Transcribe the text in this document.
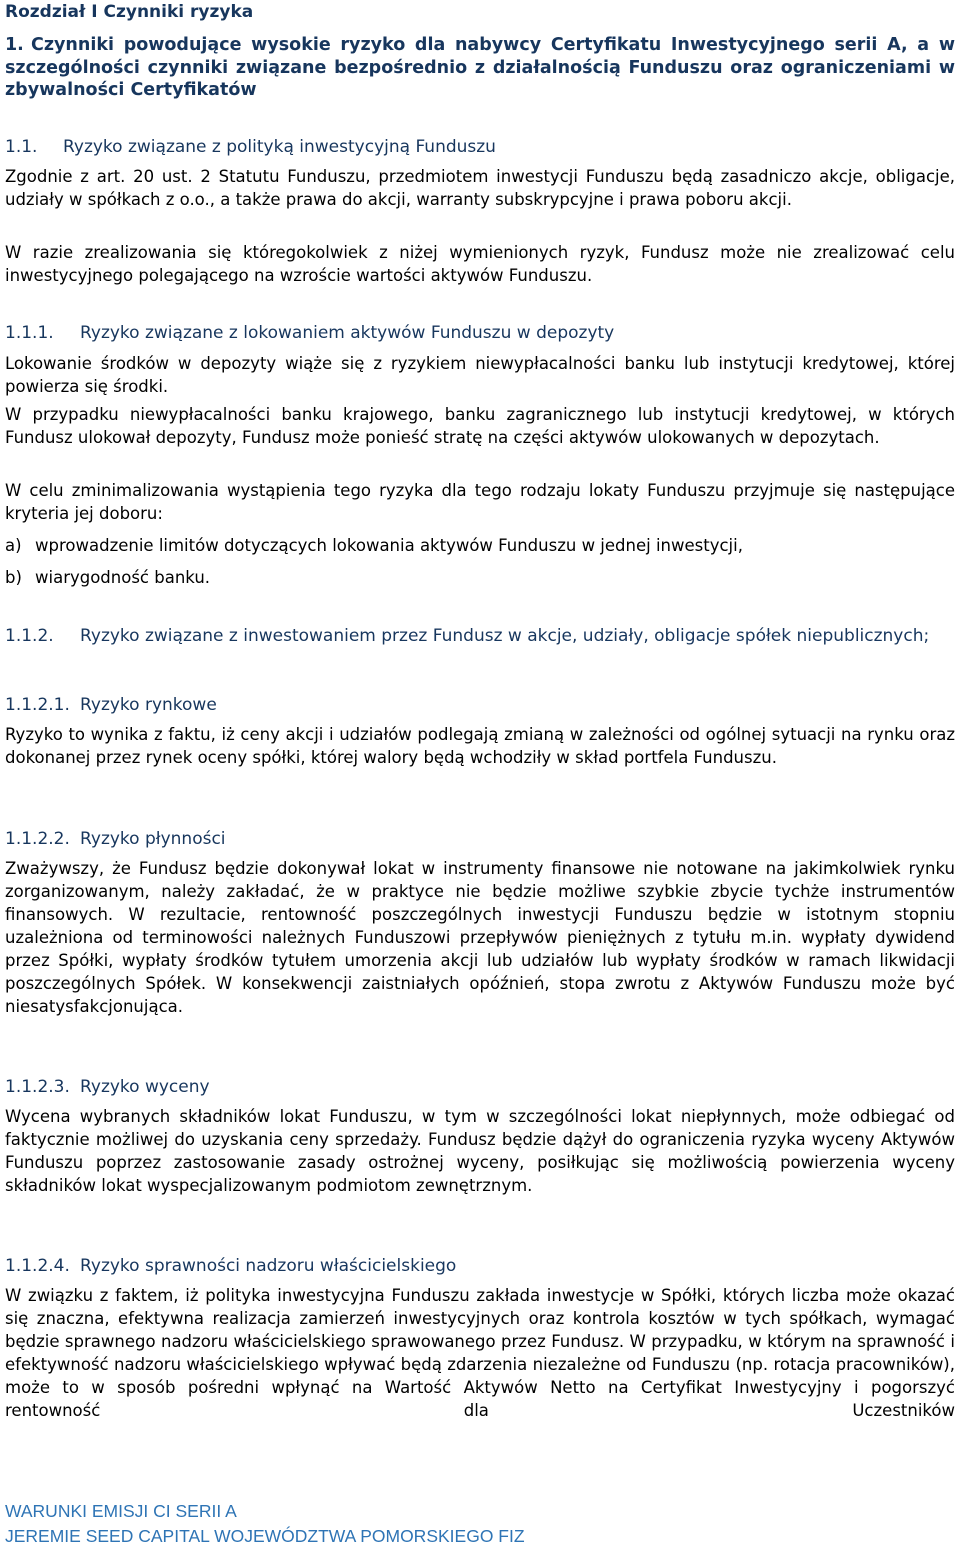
Rozdział I Czynniki ryzyka
1. Czynniki powodujące wysokie ryzyko dla nabywcy Certyfikatu Inwestycyjnego serii A, a w szczególności czynniki związane bezpośrednio z działalnością Funduszu oraz ograniczeniami w zbywalności Certyfikatów
1.1. Ryzyko związane z polityką inwestycyjną Funduszu
Zgodnie z art. 20 ust. 2 Statutu Funduszu, przedmiotem inwestycji Funduszu będą zasadniczo akcje, obligacje, udziały w spółkach z o.o., a także prawa do akcji, warranty subskrypcyjne i prawa poboru akcji.
W razie zrealizowania się któregokolwiek z niżej wymienionych ryzyk, Fundusz może nie zrealizować celu inwestycyjnego polegającego na wzroście wartości aktywów Funduszu.
1.1.1. Ryzyko związane z lokowaniem aktywów Funduszu w depozyty
Lokowanie środków w depozyty wiąże się z ryzykiem niewypłacalności banku lub instytucji kredytowej, której powierza się środki.
W przypadku niewypłacalności banku krajowego, banku zagranicznego lub instytucji kredytowej, w których Fundusz ulokował depozyty, Fundusz może ponieść stratę na części aktywów ulokowanych w depozytach.
W celu zminimalizowania wystąpienia tego ryzyka dla tego rodzaju lokaty Funduszu przyjmuje się następujące kryteria jej doboru:
a) wprowadzenie limitów dotyczących lokowania aktywów Funduszu w jednej inwestycji,
b) wiarygodność banku.
1.1.2. Ryzyko związane z inwestowaniem przez Fundusz w akcje, udziały, obligacje spółek niepublicznych;
1.1.2.1. Ryzyko rynkowe
Ryzyko to wynika z faktu, iż ceny akcji i udziałów podlegają zmianą w zależności od ogólnej sytuacji na rynku oraz dokonanej przez rynek oceny spółki, której walory będą wchodziły w skład portfela Funduszu.
1.1.2.2. Ryzyko płynności
Zważywszy, że Fundusz będzie dokonywał lokat w instrumenty finansowe nie notowane na jakimkolwiek rynku zorganizowanym, należy zakładać, że w praktyce nie będzie możliwe szybkie zbycie tychże instrumentów finansowych. W rezultacie, rentowność poszczególnych inwestycji Funduszu będzie w istotnym stopniu uzależniona od terminowości należnych Funduszowi przepływów pieniężnych z tytułu m.in. wypłaty dywidend przez Spółki, wypłaty środków tytułem umorzenia akcji lub udziałów lub wypłaty środków w ramach likwidacji poszczególnych Spółek. W konsekwencji zaistniałych opóźnień, stopa zwrotu z Aktywów Funduszu może być niesatysfakcjonująca.
1.1.2.3. Ryzyko wyceny
Wycena wybranych składników lokat Funduszu, w tym w szczególności lokat niepłynnych, może odbiegać od faktycznie możliwej do uzyskania ceny sprzedaży. Fundusz będzie dążył do ograniczenia ryzyka wyceny Aktywów Funduszu poprzez zastosowanie zasady ostrożnej wyceny, posiłkując się możliwością powierzenia wyceny składników lokat wyspecjalizowanym podmiotom zewnętrznym.
1.1.2.4. Ryzyko sprawności nadzoru właścicielskiego
W związku z faktem, iż polityka inwestycyjna Funduszu zakłada inwestycje w Spółki, których liczba może okazać się znaczna, efektywna realizacja zamierzeń inwestycyjnych oraz kontrola kosztów w tych spółkach, wymagać będzie sprawnego nadzoru właścicielskiego sprawowanego przez Fundusz. W przypadku, w którym na sprawność i efektywność nadzoru właścicielskiego wpływać będą zdarzenia niezależne od Funduszu (np. rotacja pracowników), może to w sposób pośredni wpłynąć na Wartość Aktywów Netto na Certyfikat Inwestycyjny i pogorszyć rentowność dla Uczestników
WARUNKI EMISJI CI SERII A
JEREMIE SEED CAPITAL WOJEWÓDZTWA POMORSKIEGO FIZ
